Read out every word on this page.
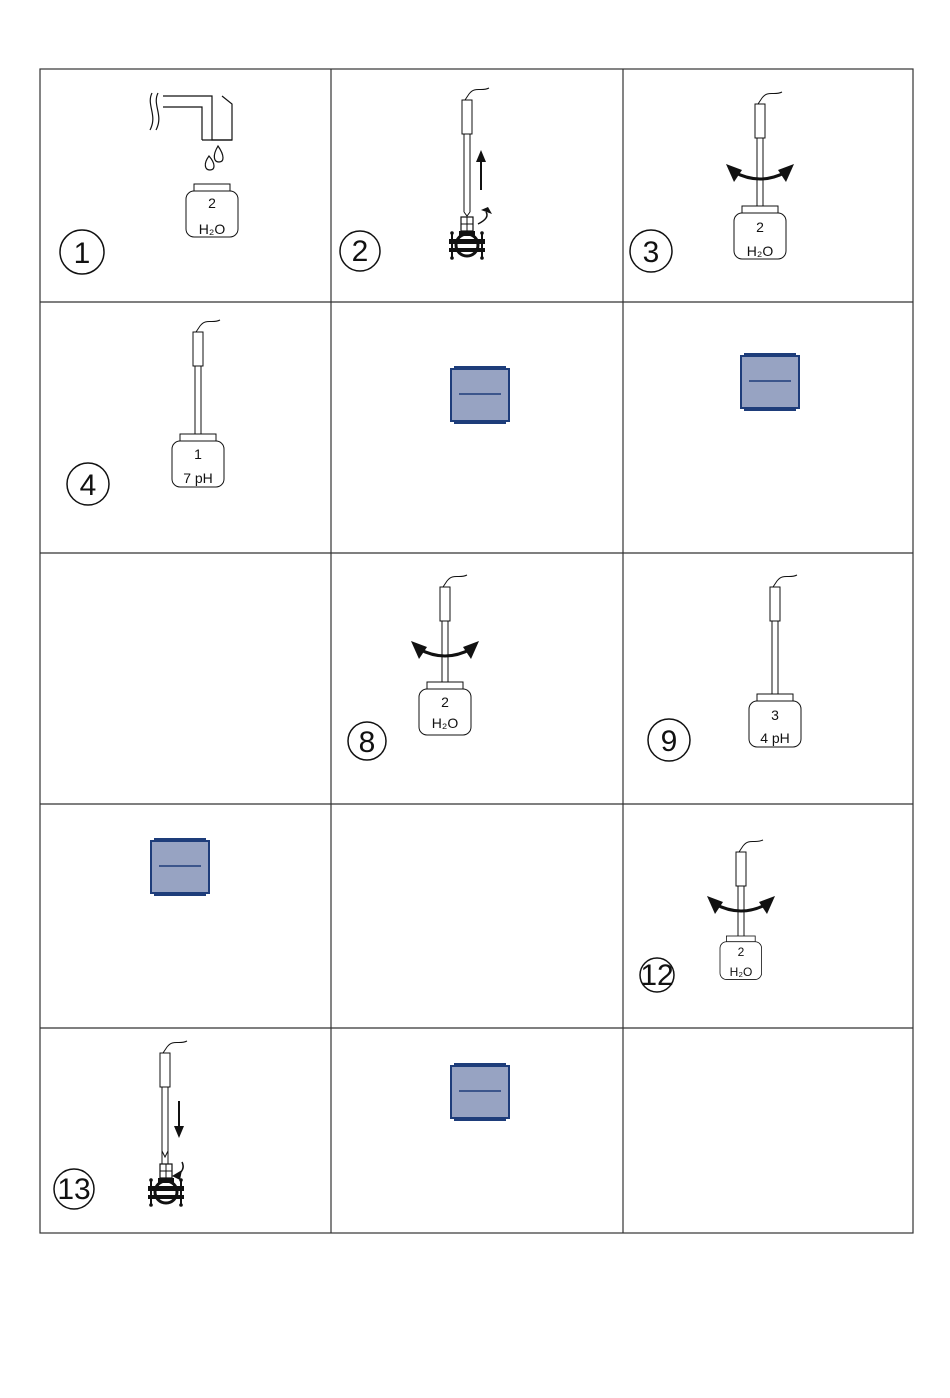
2
H₂O
1	2
2
H₂O
3
1
7 pH
4
2
H₂O
8
3
4 pH
9
2
H₂O
12
13
